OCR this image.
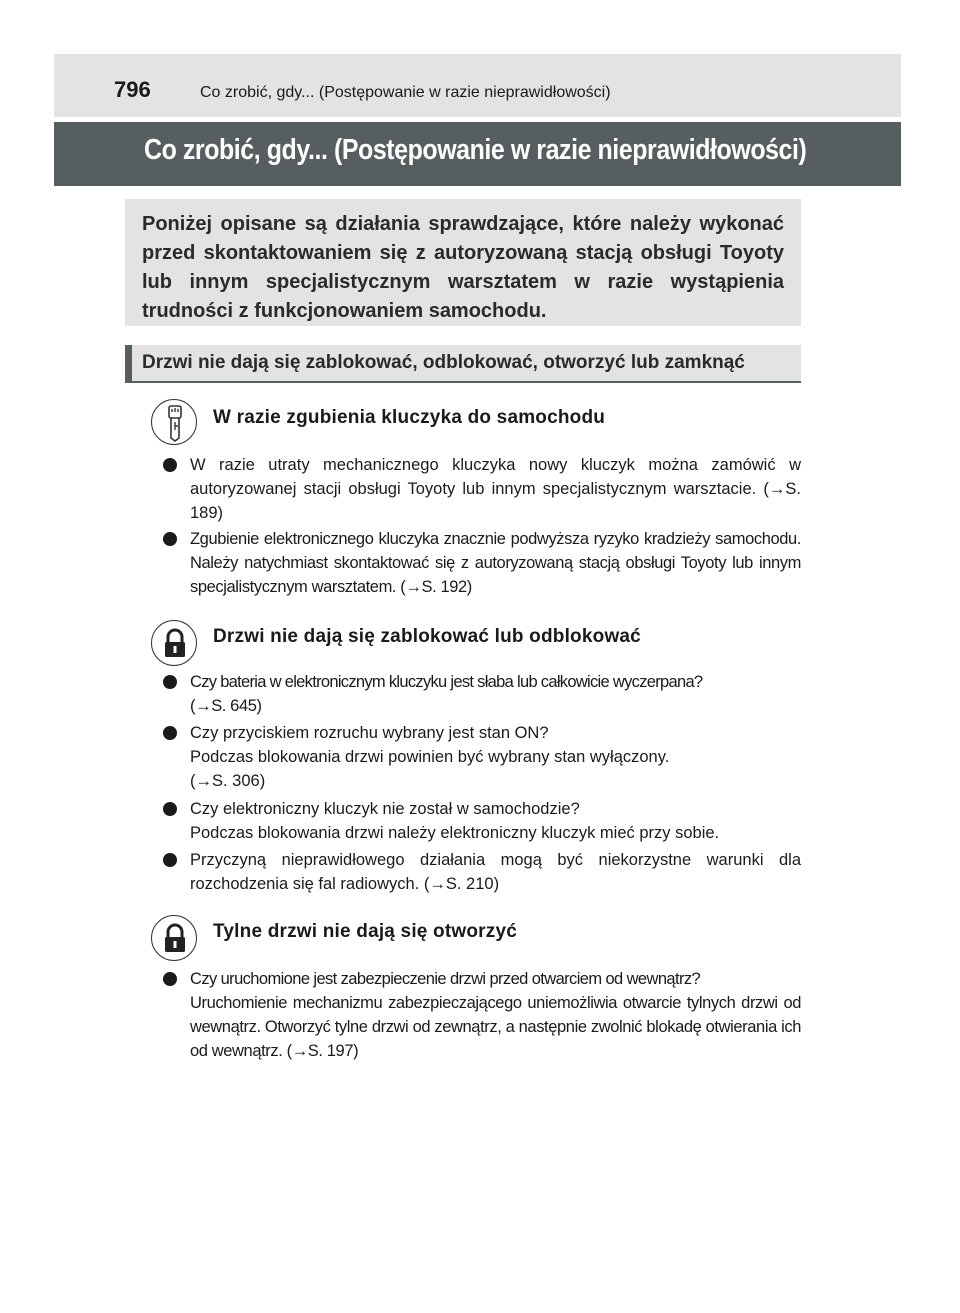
796	Co zrobić, gdy... (Postępowanie w razie nieprawidłowości)
Co zrobić, gdy... (Postępowanie w razie nieprawidłowości)
Poniżej opisane są działania sprawdzające, które należy wykonać przed skontaktowaniem się z autoryzowaną stacją obsługi Toyoty lub innym specjalistycznym warsztatem w razie wystąpienia trudności z funkcjonowaniem samochodu.
Drzwi nie dają się zablokować, odblokować, otworzyć lub zamknąć
W razie zgubienia kluczyka do samochodu
W razie utraty mechanicznego kluczyka nowy kluczyk można zamówić w autoryzowanej stacji obsługi Toyoty lub innym specjalistycznym warsztacie. (→S. 189)
Zgubienie elektronicznego kluczyka znacznie podwyższa ryzyko kradzieży samochodu. Należy natychmiast skontaktować się z autoryzowaną stacją obsługi Toyoty lub innym specjalistycznym warsztatem. (→S. 192)
Drzwi nie dają się zablokować lub odblokować
Czy bateria w elektronicznym kluczyku jest słaba lub całkowicie wyczerpana?
(→S. 645)
Czy przyciskiem rozruchu wybrany jest stan ON?
Podczas blokowania drzwi powinien być wybrany stan wyłączony.
(→S. 306)
Czy elektroniczny kluczyk nie został w samochodzie?
Podczas blokowania drzwi należy elektroniczny kluczyk mieć przy sobie.
Przyczyną nieprawidłowego działania mogą być niekorzystne warunki dla rozchodzenia się fal radiowych. (→S. 210)
Tylne drzwi nie dają się otworzyć
Czy uruchomione jest zabezpieczenie drzwi przed otwarciem od wewnątrz?
Uruchomienie mechanizmu zabezpieczającego uniemożliwia otwarcie tylnych drzwi od wewnątrz. Otworzyć tylne drzwi od zewnątrz, a następnie zwolnić blokadę otwierania ich od wewnątrz. (→S. 197)
